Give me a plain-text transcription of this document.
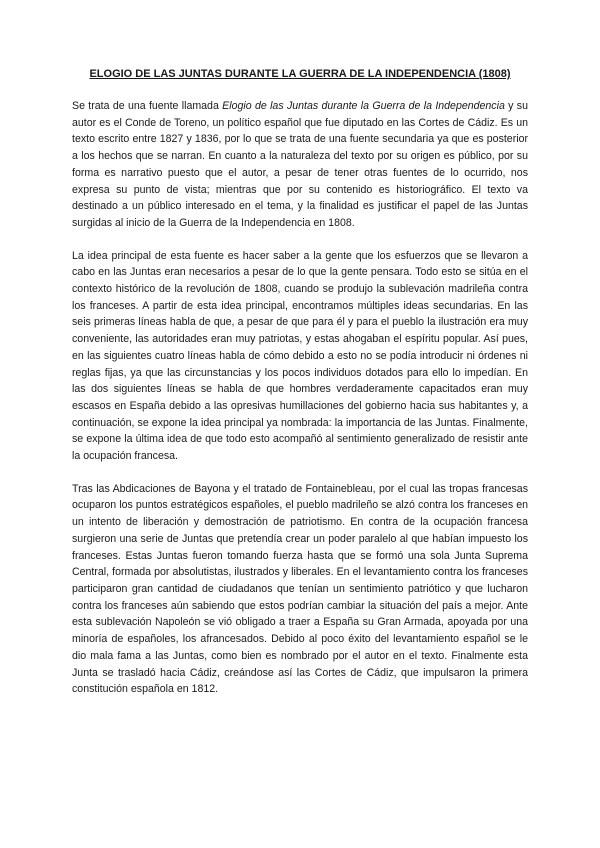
ELOGIO DE LAS JUNTAS DURANTE LA GUERRA DE LA INDEPENDENCIA (1808)

Se trata de una fuente llamada Elogio de las Juntas durante la Guerra de la Independencia y su autor es el Conde de Toreno, un político español que fue diputado en las Cortes de Cádiz. Es un texto escrito entre 1827 y 1836, por lo que se trata de una fuente secundaria ya que es posterior a los hechos que se narran. En cuanto a la naturaleza del texto por su origen es público, por su forma es narrativo puesto que el autor, a pesar de tener otras fuentes de lo ocurrido, nos expresa su punto de vista; mientras que por su contenido es historiográfico. El texto va destinado a un público interesado en el tema, y la finalidad es justificar el papel de las Juntas surgidas al inicio de la Guerra de la Independencia en 1808.

La idea principal de esta fuente es hacer saber a la gente que los esfuerzos que se llevaron a cabo en las Juntas eran necesarios a pesar de lo que la gente pensara. Todo esto se sitúa en el contexto histórico de la revolución de 1808, cuando se produjo la sublevación madrileña contra los franceses. A partir de esta idea principal, encontramos múltiples ideas secundarias. En las seis primeras líneas habla de que, a pesar de que para él y para el pueblo la ilustración era muy conveniente, las autoridades eran muy patriotas, y estas ahogaban el espíritu popular. Así pues, en las siguientes cuatro líneas habla de cómo debido a esto no se podía introducir ni órdenes ni reglas fijas, ya que las circunstancias y los pocos individuos dotados para ello lo impedían. En las dos siguientes líneas se habla de que hombres verdaderamente capacitados eran muy escasos en España debido a las opresivas humillaciones del gobierno hacia sus habitantes y, a continuación, se expone la idea principal ya nombrada: la importancia de las Juntas. Finalmente, se expone la última idea de que todo esto acompañó al sentimiento generalizado de resistir ante la ocupación francesa.

Tras las Abdicaciones de Bayona y el tratado de Fontainebleau, por el cual las tropas francesas ocuparon los puntos estratégicos españoles, el pueblo madrileño se alzó contra los franceses en un intento de liberación y demostración de patriotismo. En contra de la ocupación francesa surgieron una serie de Juntas que pretendía crear un poder paralelo al que habían impuesto los franceses. Estas Juntas fueron tomando fuerza hasta que se formó una sola Junta Suprema Central, formada por absolutistas, ilustrados y liberales. En el levantamiento contra los franceses participaron gran cantidad de ciudadanos que tenían un sentimiento patriótico y que lucharon contra los franceses aún sabiendo que estos podrían cambiar la situación del país a mejor. Ante esta sublevación Napoleón se vió obligado a traer a España su Gran Armada, apoyada por una minoría de españoles, los afrancesados. Debido al poco éxito del levantamiento español se le dio mala fama a las Juntas, como bien es nombrado por el autor en el texto. Finalmente esta Junta se trasladó hacia Cádiz, creándose así las Cortes de Cádiz, que impulsaron la primera constitución española en 1812.
